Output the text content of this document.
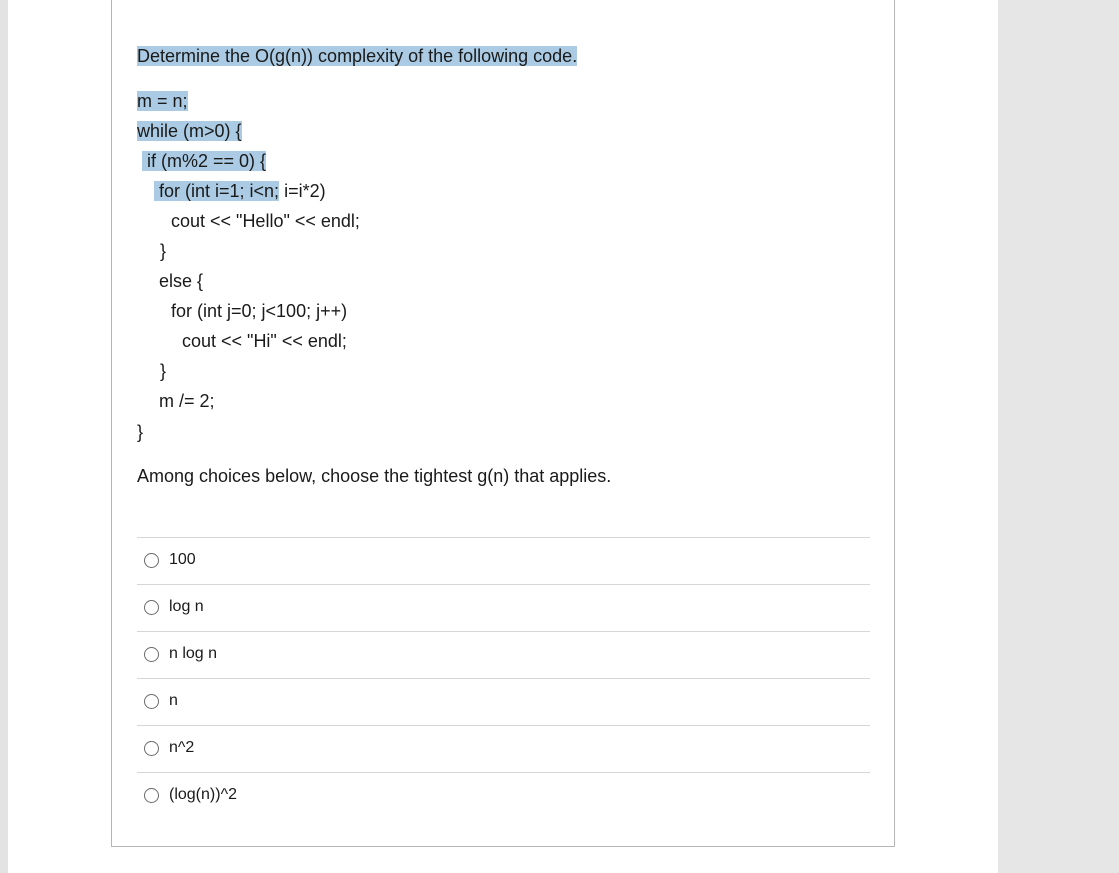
Determine the O(g(n)) complexity of the following code.
m = n;
while (m>0) {
if (m%2 == 0) {
for (int i=1; i<n; i=i*2)
cout << "Hello" << endl;
}
else {
for (int j=0; j<100; j++)
cout << "Hi" << endl;
}
m /= 2;
}
Among choices below, choose the tightest g(n) that applies.
100
log n
n log n
n
n^2
(log(n))^2
